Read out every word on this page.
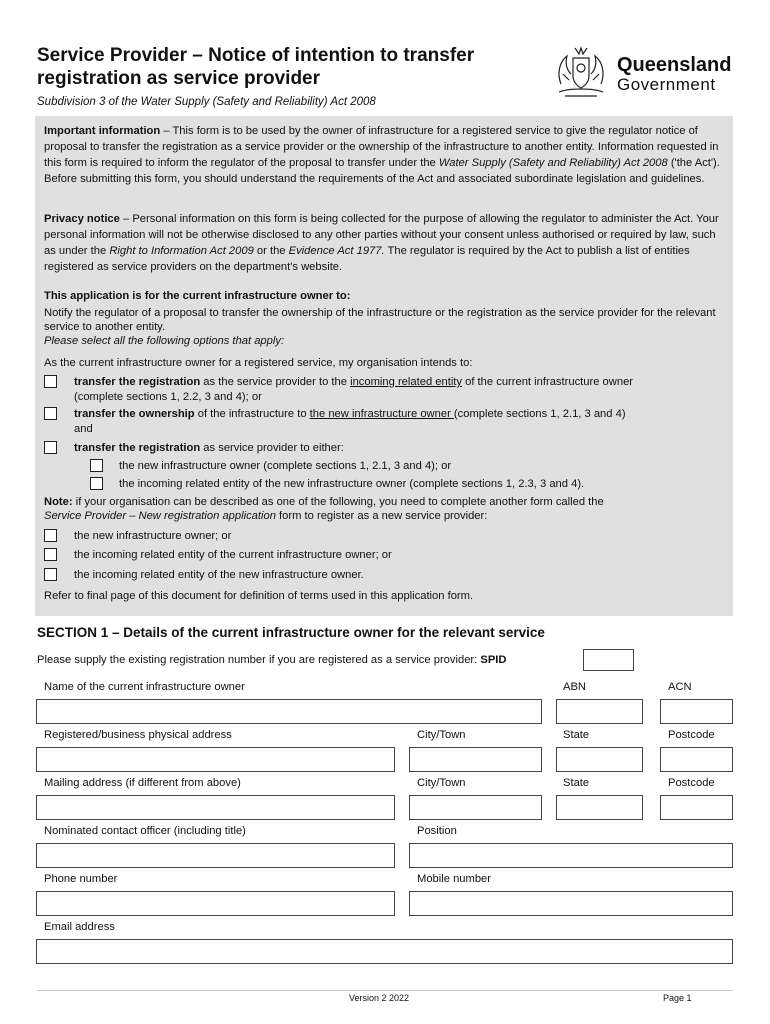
Service Provider – Notice of intention to transfer registration as service provider
Subdivision 3 of the Water Supply (Safety and Reliability) Act 2008
Queensland
Government
Important information – This form is to be used by the owner of infrastructure for a registered service to give the regulator notice of proposal to transfer the registration as a service provider or the ownership of the infrastructure to another entity. Information requested in this form is required to inform the regulator of the proposal to transfer under the Water Supply (Safety and Reliability) Act 2008 ('the Act'). Before submitting this form, you should understand the requirements of the Act and associated subordinate legislation and guidelines.
Privacy notice – Personal information on this form is being collected for the purpose of allowing the regulator to administer the Act. Your personal information will not be otherwise disclosed to any other parties without your consent unless authorised or required by law, such as under the Right to Information Act 2009 or the Evidence Act 1977. The regulator is required by the Act to publish a list of entities registered as service providers on the department's website.
This application is for the current infrastructure owner to:
Notify the regulator of a proposal to transfer the ownership of the infrastructure or the registration as the service provider for the relevant service to another entity.
Please select all the following options that apply:
As the current infrastructure owner for a registered service, my organisation intends to:
transfer the registration as the service provider to the incoming related entity of the current infrastructure owner
(complete sections 1, 2.2, 3 and 4); or
transfer the ownership of the infrastructure to the new infrastructure owner (complete sections 1, 2.1, 3 and 4)
and
transfer the registration as service provider to either:
the new infrastructure owner (complete sections 1, 2.1, 3 and 4); or
the incoming related entity of the new infrastructure owner (complete sections 1, 2.3, 3 and 4).
Note: if your organisation can be described as one of the following, you need to complete another form called the
Service Provider – New registration application form to register as a new service provider:
the new infrastructure owner; or
the incoming related entity of the current infrastructure owner; or
the incoming related entity of the new infrastructure owner.
Refer to final page of this document for definition of terms used in this application form.
SECTION 1 – Details of the current infrastructure owner for the relevant service
Please supply the existing registration number if you are registered as a service provider: SPID
Name of the current infrastructure owner	ABN	ACN
Registered/business physical address	City/Town	State	Postcode
Mailing address (if different from above)	City/Town	State	Postcode
Nominated contact officer (including title)	Position
Phone number	Mobile number
Email address
Version 2 2022	Page 1
